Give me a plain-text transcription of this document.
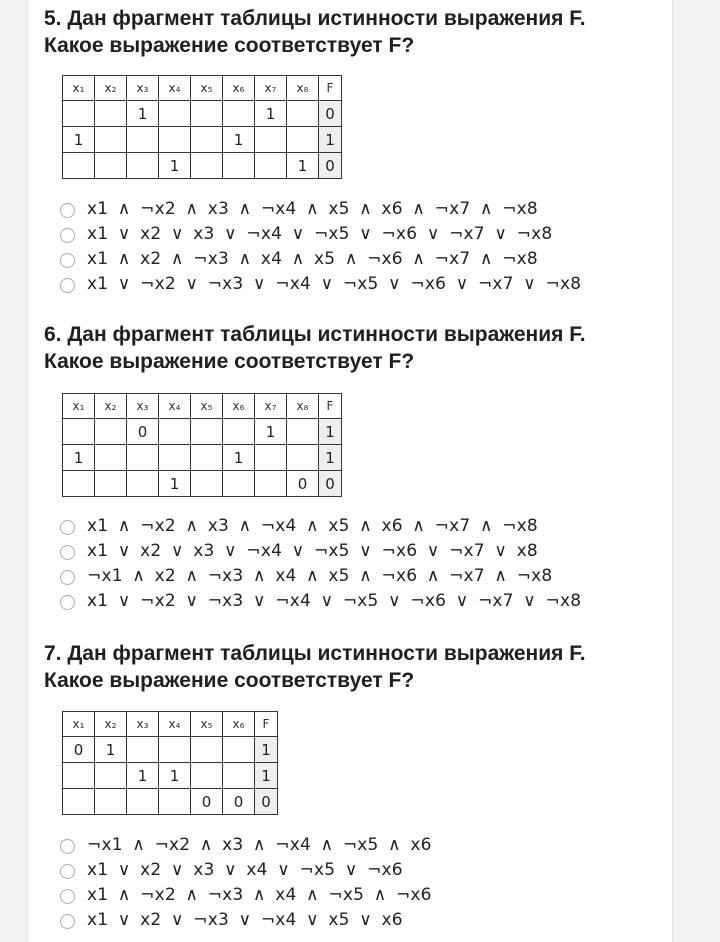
5. Дан фрагмент таблицы истинности выражения F.

Какое выражение соответствует F?

x₁	x₂	x₃	x₄	x₅	x₆	x₇	x₈	F
		1				1		0
1					1			1
			1				1	0
x1 ∧ ¬x2 ∧ x3 ∧ ¬x4 ∧ x5 ∧ x6 ∧ ¬x7 ∧ ¬x8
x1 ∨ x2 ∨ x3 ∨ ¬x4 ∨ ¬x5 ∨ ¬x6 ∨ ¬x7 ∨ ¬x8
x1 ∧ x2 ∧ ¬x3 ∧ x4 ∧ x5 ∧ ¬x6 ∧ ¬x7 ∧ ¬x8
x1 ∨ ¬x2 ∨ ¬x3 ∨ ¬x4 ∨ ¬x5 ∨ ¬x6 ∨ ¬x7 ∨ ¬x8

6. Дан фрагмент таблицы истинности выражения F.

Какое выражение соответствует F?

x₁	x₂	x₃	x₄	x₅	x₆	x₇	x₈	F
		0				1		1
1					1			1
			1				0	0
x1 ∧ ¬x2 ∧ x3 ∧ ¬x4 ∧ x5 ∧ x6 ∧ ¬x7 ∧ ¬x8
x1 ∨ x2 ∨ x3 ∨ ¬x4 ∨ ¬x5 ∨ ¬x6 ∨ ¬x7 ∨ x8
¬x1 ∧ x2 ∧ ¬x3 ∧ x4 ∧ x5 ∧ ¬x6 ∧ ¬x7 ∧ ¬x8
x1 ∨ ¬x2 ∨ ¬x3 ∨ ¬x4 ∨ ¬x5 ∨ ¬x6 ∨ ¬x7 ∨ ¬x8

7. Дан фрагмент таблицы истинности выражения F.

Какое выражение соответствует F?

x₁	x₂	x₃	x₄	x₅	x₆	F
0	1					1
		1	1			1
				0	0	0
¬x1 ∧ ¬x2 ∧ x3 ∧ ¬x4 ∧ ¬x5 ∧ x6
x1 ∨ x2 ∨ x3 ∨ x4 ∨ ¬x5 ∨ ¬x6
x1 ∧ ¬x2 ∧ ¬x3 ∧ x4 ∧ ¬x5 ∧ ¬x6
x1 ∨ x2 ∨ ¬x3 ∨ ¬x4 ∨ x5 ∨ x6
